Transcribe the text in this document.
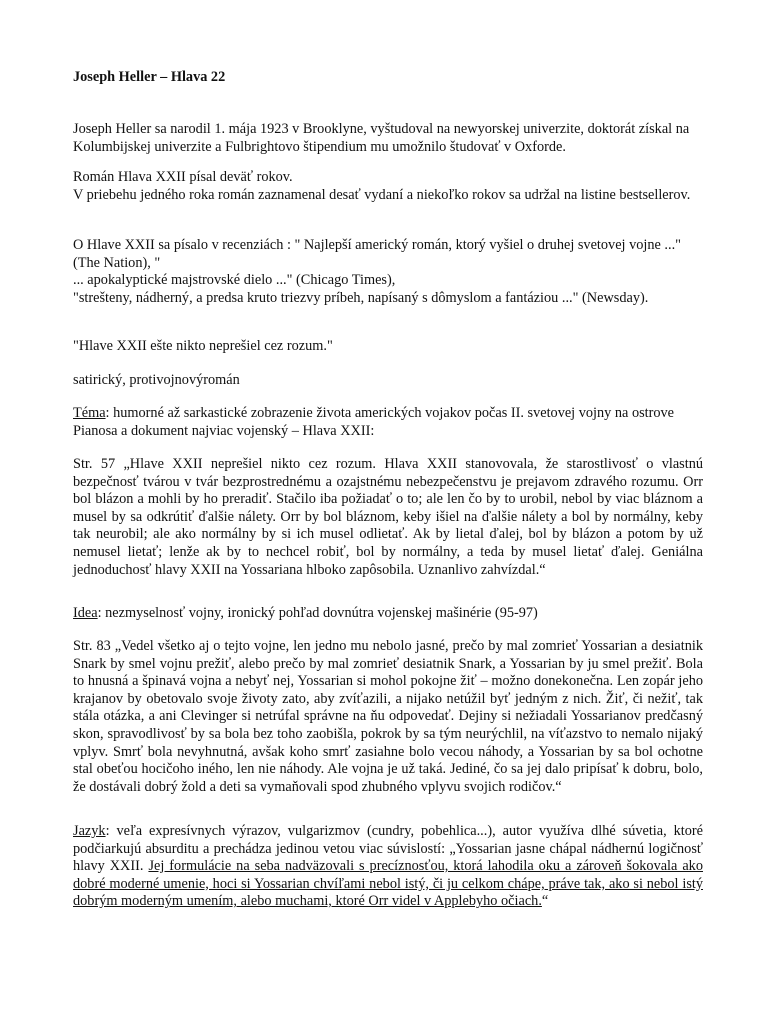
Joseph Heller – Hlava 22

Joseph Heller sa narodil 1. mája 1923 v Brooklyne, vyštudoval na newyorskej univerzite, doktorát získal na Kolumbijskej univerzite a Fulbrightovo štipendium mu umožnilo študovať v Oxforde.

Román Hlava XXII písal deväť rokov.
V priebehu jedného roka román zaznamenal desať vydaní a niekoľko rokov sa udržal na listine bestsellerov.
O Hlave XXII sa písalo v recenziách : " Najlepší americký román, ktorý vyšiel o druhej svetovej vojne ..." (The Nation), "
... apokalyptické majstrovské dielo ..." (Chicago Times),
"strešteny, nádherný, a predsa kruto triezvy príbeh, napísaný s dômyslom a fantáziou ..." (Newsday).

"Hlave XXII ešte nikto neprešiel cez rozum."

satirický, protivojnovýromán

Téma: humorné až sarkastické zobrazenie života amerických vojakov počas II. svetovej vojny na ostrove Pianosa a dokument najviac vojenský – Hlava XXII:

Str. 57 „Hlave XXII neprešiel nikto cez rozum. Hlava XXII stanovovala, že starostlivosť o vlastnú bezpečnosť tvárou v tvár bezprostrednému a ozajstnému nebezpečenstvu je prejavom zdravého rozumu. Orr bol blázon a mohli by ho preradiť. Stačilo iba požiadať o to; ale len čo by to urobil, nebol by viac bláznom a musel by sa odkrútiť ďalšie nálety. Orr by bol bláznom, keby išiel na ďalšie nálety a bol by normálny, keby tak neurobil; ale ako normálny by si ich musel odlietať. Ak by lietal ďalej, bol by blázon a potom by už nemusel lietať; lenže ak by to nechcel robiť, bol by normálny, a teda by musel lietať ďalej. Geniálna jednoduchosť hlavy XXII na Yossariana hlboko zapôsobila. Uznanlivo zahvízdal.“

Idea: nezmyselnosť vojny, ironický pohľad dovnútra vojenskej mašinérie (95-97)

Str. 83 „Vedel všetko aj o tejto vojne, len jedno mu nebolo jasné, prečo by mal zomrieť Yossarian a desiatnik Snark by smel vojnu prežiť, alebo prečo by mal zomrieť desiatnik Snark, a Yossarian by ju smel prežiť. Bola to hnusná a špinavá vojna a nebyť nej, Yossarian si mohol pokojne žiť – možno donekonečna. Len zopár jeho krajanov by obetovalo svoje životy zato, aby zvíťazili, a nijako netúžil byť jedným z nich. Žiť, či nežiť, tak stála otázka, a ani Clevinger si netrúfal správne na ňu odpovedať. Dejiny si nežiadali Yossarianov predčasný skon, spravodlivosť by sa bola bez toho zaobišla, pokrok by sa tým neurýchlil, na víťazstvo to nemalo nijaký vplyv. Smrť bola nevyhnutná, avšak koho smrť zasiahne bolo vecou náhody, a Yossarian by sa bol ochotne stal obeťou hocičoho iného, len nie náhody. Ale vojna je už taká. Jediné, čo sa jej dalo pripísať k dobru, bolo, že dostávali dobrý žold a deti sa vymaňovali spod zhubného vplyvu svojich rodičov.“

Jazyk: veľa expresívnych výrazov, vulgarizmov (cundry, pobehlica...), autor využíva dlhé súvetia, ktoré podčiarkujú absurditu a prechádza jedinou vetou viac súvislostí: „Yossarian jasne chápal nádhernú logičnosť hlavy XXII. Jej formulácie na seba nadväzovali s precíznosťou, ktorá lahodila oku a zároveň šokovala ako dobré moderné umenie, hoci si Yossarian chvíľami nebol istý, či ju celkom chápe, práve tak, ako si nebol istý dobrým moderným umením, alebo muchami, ktoré Orr videl v Applebyho očiach.“
